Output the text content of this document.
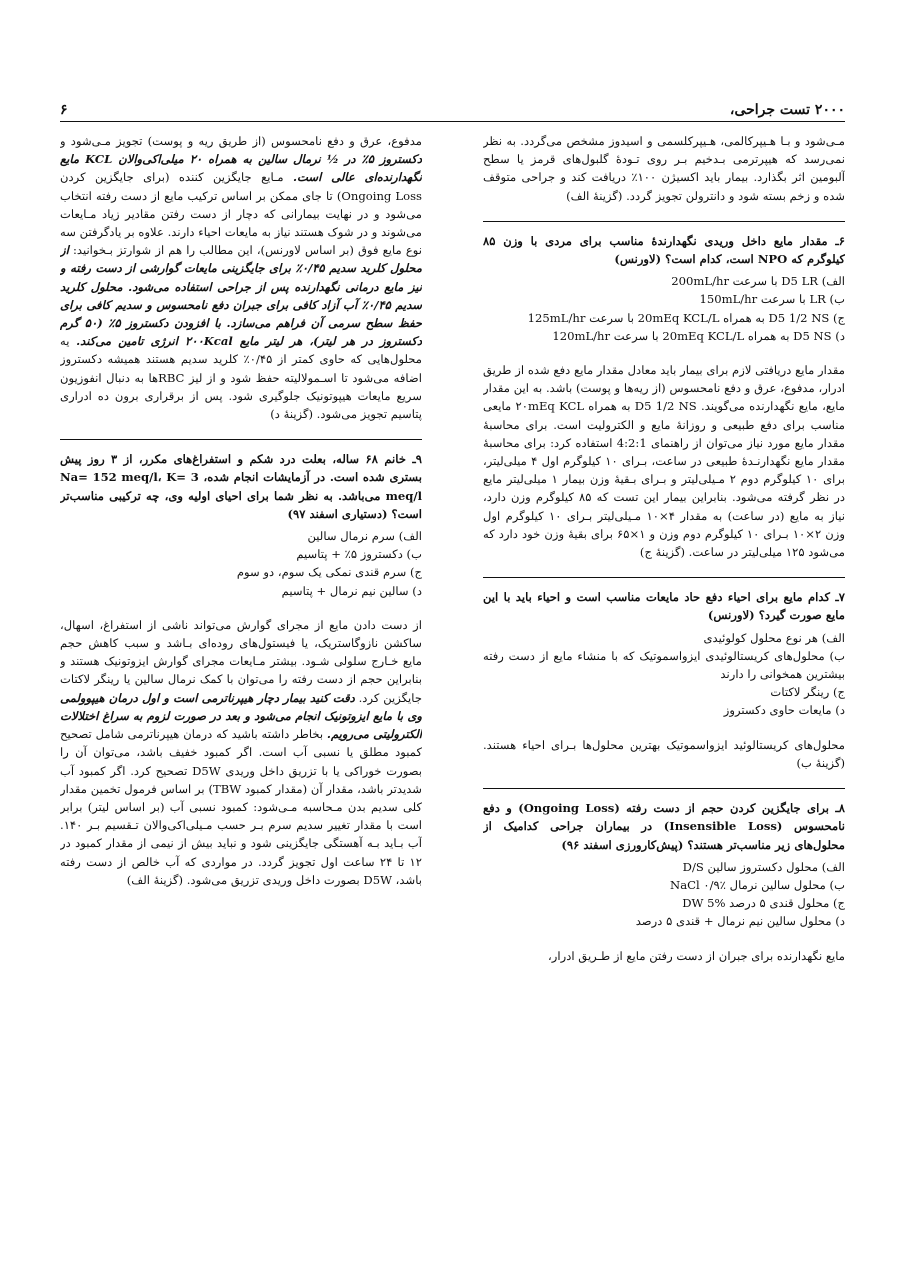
۲۰۰۰ تست جراحی،
۶

مـی‌شود و بـا هـیپرکالمی، هـیپرکلسمی و اسیدوز مشخص می‌گردد. به نظر نمی‌رسد که هیپرترمی بـدخیم بـر روی تـودهٔ گلبول‌های قرمز یا سطح آلبومین اثر بگذارد. بیمار باید اکسیژن ۱۰۰٪ دریافت کند و جراحی متوقف شده و زخم بسته شود و دانترولن تجویز گردد. (گزینهٔ الف)

۶ـ مقدار مایع داخل وریدی نگهدارندهٔ مناسب برای مردی با وزن ۸۵ کیلوگرم که NPO است، کدام است؟ (لاورنس)
الف) D5 LR با سرعت 200mL/hr
ب) LR با سرعت 150mL/hr
ج) D5 1/2 NS به همراه 20mEq KCL/L با سرعت 125mL/hr
د) D5 NS به همراه 20mEq KCL/L با سرعت 120mL/hr

مقدار مایع دریافتی لازم برای بیمار باید معادل مقدار مایع دفع شده از طریق ادرار، مدفوع، عرق و دفع نامحسوس (از ریه‌ها و پوست) باشد. به این مقدار مایع، مایع نگهدارنده می‌گویند. D5 1/2 NS به همراه ۲۰mEq KCL مایعی مناسب برای دفع طبیعی و روزانهٔ مایع و الکترولیت است. برای محاسبهٔ مقدار مایع مورد نیاز می‌توان از راهنمای 4:2:1 استفاده کرد: برای محاسبهٔ مقدار مایع نگهدارنـدهٔ طبیعی در ساعت، بـرای ۱۰ کیلوگرم اول ۴ میلی‌لیتر، برای ۱۰ کیلوگرم دوم ۲ مـیلی‌لیتر و بـرای بـقیهٔ وزن بیمار ۱ میلی‌لیتر مایع در نظر گرفته می‌شود. بنابراین بیمار این تست که ۸۵ کیلوگرم وزن دارد، نیاز به مایع (در ساعت) به مقدار ۴×۱۰ مـیلی‌لیتر بـرای ۱۰ کیلوگرم اول وزن ۲×۱۰ بـرای ۱۰ کیلوگرم دوم وزن و ۱×۶۵ برای بقیهٔ وزن خود دارد که می‌شود ۱۲۵ میلی‌لیتر در ساعت. (گزینهٔ ج)

۷ـ کدام مایع برای احیاء دفع حاد مایعات مناسب است و احیاء باید با این مایع صورت گیرد؟ (لاورنس)
الف) هر نوع محلول کولوئیدی
ب) محلول‌های کریستالوئیدی ایزواسموتیک که با منشاء مایع از دست رفته بیشترین همخوانی را دارند
ج) رینگر لاکتات
د) مایعات حاوی دکستروز

محلول‌های کریستالوئید ایزواسموتیک بهترین محلول‌ها بـرای احیاء هستند. (گزینهٔ ب)

۸ـ برای جایگزین کردن حجم از دست رفته (Ongoing Loss) و دفع نامحسوس (Insensible Loss) در بیماران جراحی کدامیک از محلول‌های زیر مناسب‌تر هستند؟ (پیش‌کارورزی اسفند ۹۶)
الف) محلول دکستروز سالین D/S
ب) محلول سالین نرمال NaCl ۰/۹٪
ج) محلول قندی ۵ درصد DW 5%
د) محلول سالین نیم نرمال + قندی ۵ درصد

مایع نگهدارنده برای جبران از دست رفتن مایع از طـریق ادرار،

مدفوع، عرق و دفع نامحسوس (از طریق ریه و پوست) تجویز مـی‌شود و دکستروز ۵٪ در ½ نرمال سالین به همراه ۲۰ میلی‌اکی‌والان KCL مایع نگهدارنده‌ای عالی است. مـایع جایگزین کننده (برای جایگزین کردن Ongoing Loss) تا جای ممکن بر اساس ترکیب مایع از دست رفته انتخاب می‌شود و در نهایت بیمارانی که دچار از دست رفتن مقادیر زیاد مـایعات می‌شوند و در شوک هستند نیاز به مایعات احیاء دارند. علاوه بر یادگرفتن سه نوع مایع فوق (بر اساس لاورنس)، این مطالب را هم از شوارتز بـخوانید: از محلول کلرید سدیم ۰/۴۵٪ برای جایگزینی مایعات گوارشی از دست رفته و نیز مایع درمانی نگهدارنده پس از جراحی استفاده می‌شود. محلول کلرید سدیم ۰/۴۵٪ آب آزاد کافی برای جبران دفع نامحسوس و سدیم کافی برای حفظ سطح سرمی آن فراهم می‌سازد. با افزودن دکستروز ۵٪ (۵۰ گرم دکستروز در هر لیتر)، هر لیتر مایع ۲۰۰Kcal انرژی تامین می‌کند. یه محلول‌هایی که حاوی کمتر از ۰/۴۵٪ کلرید سدیم هستند همیشه دکستروز اضافه می‌شود تا اسـمولالیته حفظ شود و از لیز RBCها به دنبال انفوزیون سریع مایعات هیپوتونیک جلوگیری شود. پس از برقراری برون ده ادراری پتاسیم تجویز می‌شود. (گزینهٔ د)

۹ـ خانم ۶۸ ساله، بعلت درد شکم و استفراغ‌های مکرر، از ۳ روز پیش بستری شده است. در آزمایشات انجام شده، Na= 152 meq/l، K= 3 meq/l می‌باشد. به نظر شما برای احیای اولیه وی، چه ترکیبی مناسب‌تر است؟ (دستیاری اسفند ۹۷)
الف) سرم نرمال سالین
ب) دکستروز ۵٪ + پتاسیم
ج) سرم قندی نمکی یک سوم، دو سوم
د) سالین نیم نرمال + پتاسیم

از دست دادن مایع از مجرای گوارش می‌تواند ناشی از استفراغ، اسهال، ساکشن نازوگاستریک، یا فیستول‌های روده‌ای بـاشد و سبب کاهش حجم مایع خـارج سلولی شـود. بیشتر مـایعات مجرای گوارش ایزوتونیک هستند و بنابراین حجم از دست رفته را می‌توان با کمک نرمال سالین یا رینگر لاکتات جایگزین کرد. دقت کنید بیمار دچار هیپرناترمی است و اول درمان هیپوولمی وی با مایع ایزوتونیک انجام می‌شود و بعد در صورت لزوم به سراغ اختلالات الکترولیتی می‌رویم. بخاطر داشته باشید که درمان هیپرناترمی شامل تصحیح کمبود مطلق یا نسبی آب است. اگر کمبود خفیف باشد، می‌توان آن را بصورت خوراکی یا با تزریق داخل وریدی D5W تصحیح کرد. اگر کمبود آب شدیدتر باشد، مقدار آن (مقدار کمبود TBW) بر اساس فرمول تخمین مقدار کلی سدیم بدن مـحاسبه مـی‌شود: کمبود نسبی آب (بر اساس لیتر) برابر است با مقدار تغییر سدیم سرم بـر حسب مـیلی‌اکی‌والان تـقسیم بـر ۱۴۰. آب بـاید بـه آهستگی جایگزینی شود و نباید بیش از نیمی از مقدار کمبود در ۱۲ تا ۲۴ ساعت اول تجویز گردد. در مواردی که آب خالص از دست رفته باشد، D5W بصورت داخل وریدی تزریق می‌شود. (گزینهٔ الف)
